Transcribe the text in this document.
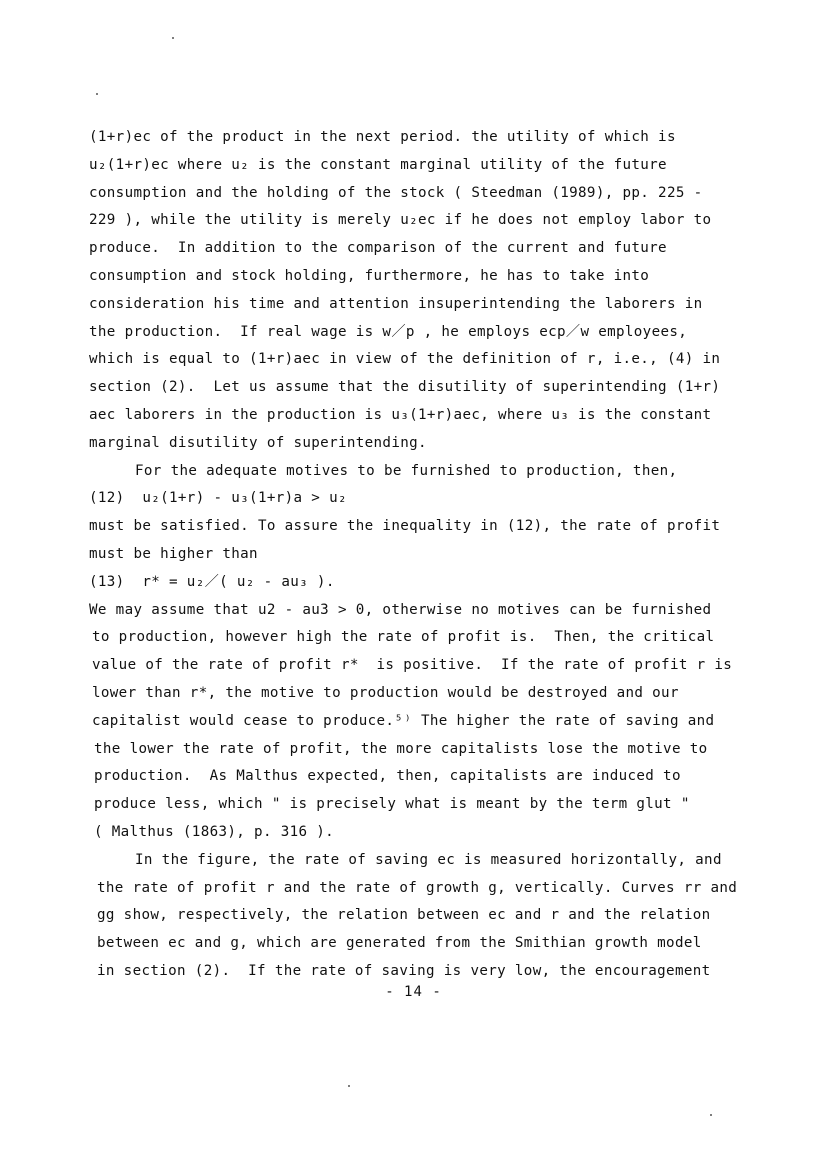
(1+r)ec of the product in the next period. the utility of which is
u₂(1+r)ec where u₂ is the constant marginal utility of the future
consumption and the holding of the stock ( Steedman (1989), pp. 225 -
229 ), while the utility is merely u₂ec if he does not employ labor to
produce.  In addition to the comparison of the current and future
consumption and stock holding, furthermore, he has to take into
consideration his time and attention insuperintending the laborers in
the production.  If real wage is w／p , he employs ecp／w employees,
which is equal to (1+r)aec in view of the definition of r, i.e., (4) in
section (2).  Let us assume that the disutility of superintending (1+r)
aec laborers in the production is u₃(1+r)aec, where u₃ is the constant
marginal disutility of superintending.
For the adequate motives to be furnished to production, then,
(12)  u₂(1+r) - u₃(1+r)a > u₂
must be satisfied. To assure the inequality in (12), the rate of profit
must be higher than
(13)  r* = u₂／( u₂ - au₃ ).
We may assume that u2 - au3 > 0, otherwise no motives can be furnished
to production, however high the rate of profit is.  Then, the critical
value of the rate of profit r*  is positive.  If the rate of profit r is
lower than r*, the motive to production would be destroyed and our
capitalist would cease to produce.⁵⁾ The higher the rate of saving and
the lower the rate of profit, the more capitalists lose the motive to
production.  As Malthus expected, then, capitalists are induced to
produce less, which " is precisely what is meant by the term glut "
( Malthus (1863), p. 316 ).
In the figure, the rate of saving ec is measured horizontally, and
the rate of profit r and the rate of growth g, vertically. Curves rr and
gg show, respectively, the relation between ec and r and the relation
between ec and g, which are generated from the Smithian growth model
in section (2).  If the rate of saving is very low, the encouragement
- 14 -
